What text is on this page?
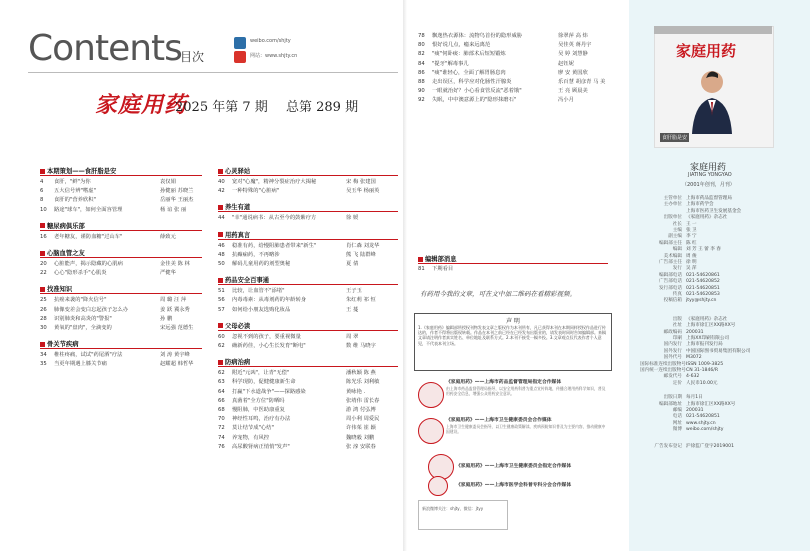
Contents
目次
weibo.com/shjty
网站：www.shjty.cn
家庭用药
2025 年第 7 期 总第 289 期
本期策划——食肝脂是安
4 食肝，"鲜"为你	袁仅娟
6 五大信号辨"嗜虚"	孙健丽 苏晓兰
8 食肝的"营养欣积"	岳丽华 王丽杰
10 路途"球车"，如何全面容管理	杨 谊 张 丽
糖尿病俱乐部
16 老年糖友，谨防血糖"过山车"	薛致元
心脑血管之友
20 心脏能声，揭示隐藏的心肌病	金佳美 陈 林
22 心心"隐形杀手"心肌炎	严健华
找准知识
25 抗癌来袭的"降火信号"	周 璐 汪 萍
26 肺像变差会变白忘起孩子怎么办	姜 跃 冀永秀
28 识别肺炎和高炎的"警报"	孙 鹏
30 黄氧的"盘肉"，全滴变的	宋远强 范德生
骨关节疾病
34 椎柱疼痛，试试"药尾酒"疗法	刘 涛 黄宇峰
35 当更年期遇上膝关节痛	赵耀超 韩哲华
心灵驿站
40 宽对"心魔"，精神分裂症治疗大揭秘	宋 梅 张建国
42 一种特殊的"心脏病"	吴玉华 杨丽英
养生有道
44 "幸"通说病书：从古至今的鼓紫疗方	徐 媛
用药真言
46 稳准有药，给慢阻肺患者带来"新生"	肖仁森 刘龙华
48 抗癫痫药，不再略涉	熊 飞 陆群峰
50 解码儿童用药的剂型奥秘	夏 倩
药品安全百事通
51 比较，让血管不"添堵"	王子玉
56 内毒毒素：从毒剂药的年龄转身	朱红莉 祁 恒
57 如何给小朋友选购化妆品	王 蔓
父母必读
60 忽视不到的孩子，要重视微量	周 翠
62 确新药佳，小心生长发育"断电"	数 维 马晓宇
防病治病
62 附近"元凶"，让青"无偿"	潘秋颖 陈 燕
63 科学现防，促健健康新生命	陈光乐 刘利敏
64 打赢"下水道战争"——探路感染	黄咏艳 .
66 真菌着"全方位"防晒吗	张靖伟 雷长春
68 慢阻肺，中医助康重复	游 鸿 付弘博
70 神经性耳鸣，治疗有办法	周小利 周爱民
72 莫让结节成"心结"	许伟茱 崔 颖
74 养宠物，有风控	魏晓毅 刘鹏
76 高尿酸肾病正悄悄"发声"	张 淳 安联春
78 飘逸热衣源体：流物鸟首份的隐形威胁	徐翠萍 高 炜
80 恨好说几点，瘾来远离范	吴佳英 蒋丹宇
82 "痰"伺卧痰：肺部术后短短锻炼	吴 婷 刘慧静
84 "提牙"解毒事儿	赵钰妮
86 "痰"谁轻心，全面了解胃肠息肉	廖 安 黄国欣
88 走出误区，科学应对化肠性汗腺炎	乐百慧 胡彦青 马 美
90 一眼就治好？小心看食管反流"恶着饿"	王 亮 顾晨美
92 失眠，中中澳意源上的"隐形抹磨石"	冯小月
编辑部消息
81 下期看目
有药用今我的文章，可在文中加二维码在看精彩视频。
声 明
1.《家庭用药》编辑部所授权刊物发表文章之版权作为本刊所有，凡已获得本刊在本期同样授权作品进行传达的，作者不得将出版权转载。作品在本刊之前已经在已经发布出版业的，请发表时同时告知编辑部。来稿文章请注明作者真实姓名、单位地址及联系方式。2.本刊不接受一稿多投。3.文章观点仅代表作者个人意见，不代表本刊立场。
《家庭用药》——上海市药品监督管理局指定合作媒体
由上海市药品监督管理局指导，以安全用药科普为重点宣传阵地，传播合理用药科学知识，普及用药安全信息，增强公众用药安全意识。
《家庭用药》——上海市卫生健康委员会合作媒体
上海市卫生健康委员会指导，以卫生健康政策解读、疾病预防知识普及为主要内容，推动健康中国建设。
《家庭用药》——上海市卫生健康委员会指定合作媒体
《家庭用药》——上海市医学会科普专科分会合作媒体
新浪微博关注：shjty，微信：jtyy
家庭用药
食肝脂是安
家庭用药
JIATING YONGYAO
（2001年创刊，月刊）
主管单位 上海市药品监督管理局
主办单位 上海市药学会
上海市医药卫生发展基金会
出版单位 《家庭用药》杂志社
社长 王 一
主编 张 卫
副主编 李 宁
编辑部主任 陈 红
编辑 刘 芳 王 蕾 李 春
美术编辑 周 俊
广告部主任 徐 明
发行 吴 萍
编辑部电话 021-54620861
广告部电话 021-54620852
发行部电话 021-54620851
传真 021-54620853
投稿信箱 jtyy@shjty.cn
出版 《家庭用药》杂志社
社址 上海市徐汇区XX路XX号
邮政编码 200031
印刷 上海XX印刷有限公司
国内发行 上海市报刊发行局
国外发行 中国国际图书贸易集团有限公司
国外代号 M3072
国际标准连续出版物号ISSN 1009-3825
国内统一连续出版物号CN 31-1846/R
邮发代号 4-632
定价 人民币10.00元
出版日期 每月1日
编辑部地址 上海市徐汇区XX路XX号
邮编 200031
电话 021-54620851
网址 www.shjty.cn
微博 weibo.com/shjty
广告发布登记 沪徐监广登字2019001
